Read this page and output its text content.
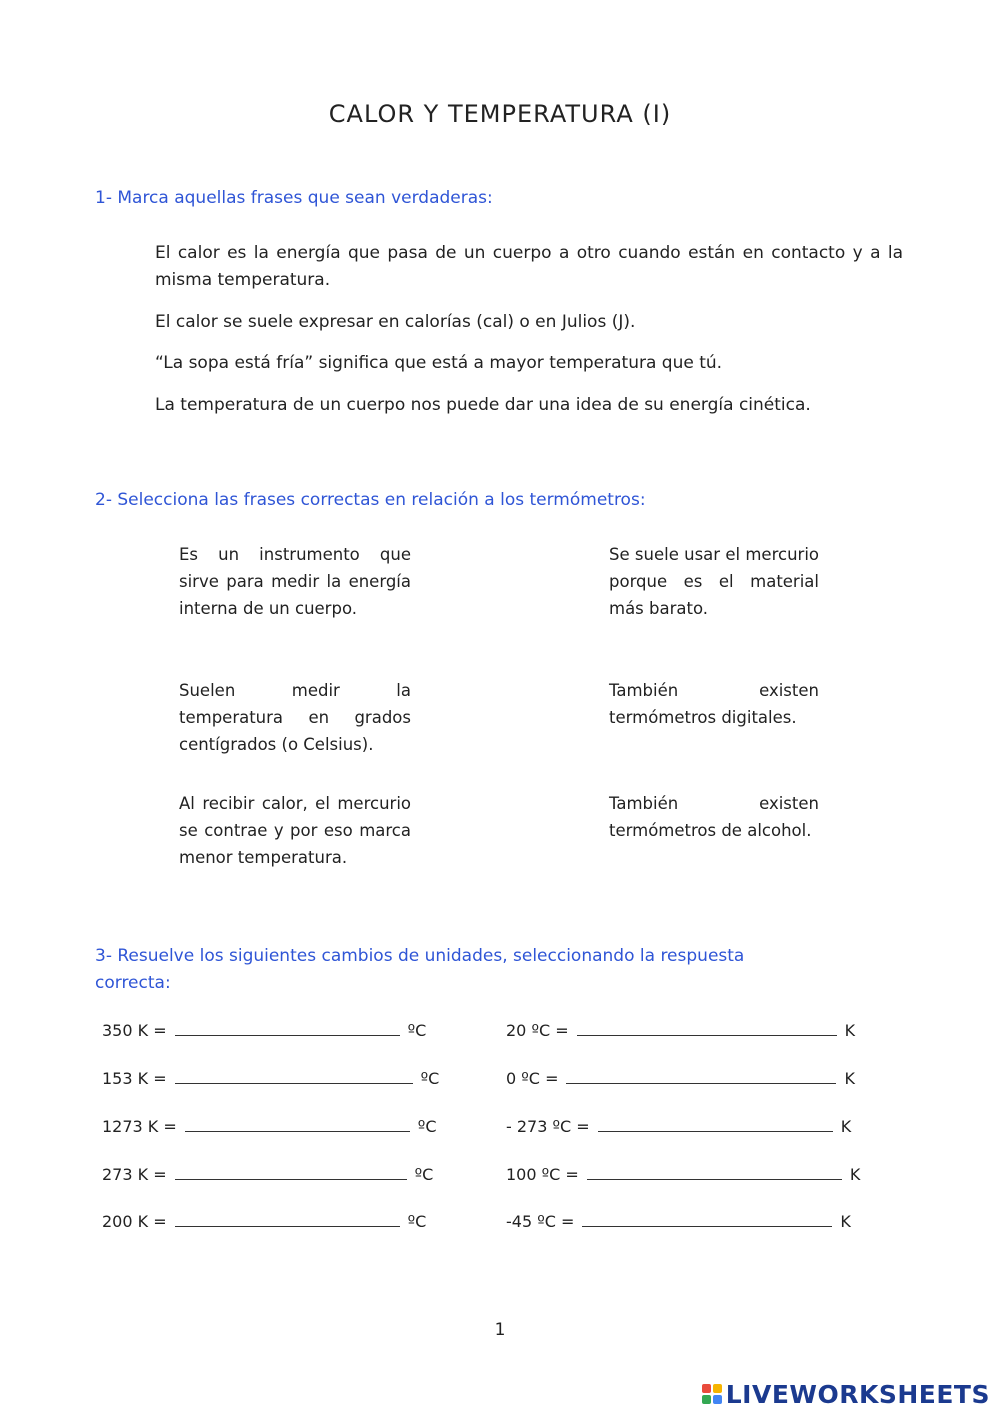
CALOR Y TEMPERATURA (I)
1- Marca aquellas frases que sean verdaderas:
El calor es la energía que pasa de un cuerpo a otro cuando están en contacto y a la misma temperatura.
El calor se suele expresar en calorías (cal) o en Julios (J).
“La sopa está fría” significa que está a mayor temperatura que tú.
La temperatura de un cuerpo nos puede dar una idea de su energía cinética.
2- Selecciona las frases correctas en relación a los termómetros:
Es un instrumento que sirve para medir la energía interna de un cuerpo.
Suelen medir la temperatura en grados centígrados (o Celsius).
Al recibir calor, el mercurio se contrae y por eso marca menor temperatura.
Se suele usar el mercurio porque es el material más barato.
También existen termómetros digitales.
También existen termómetros de alcohol.
3- Resuelve los siguientes cambios de unidades, seleccionando la respuesta
correcta:
350 K =	ºC
153 K =	ºC
1273 K =	ºC
273 K =	ºC
200 K =	ºC
20 ºC =	K
0 ºC =	K
- 273 ºC =	K
100 ºC =	K
-45 ºC =	K
1
LIVEWORKSHEETS
